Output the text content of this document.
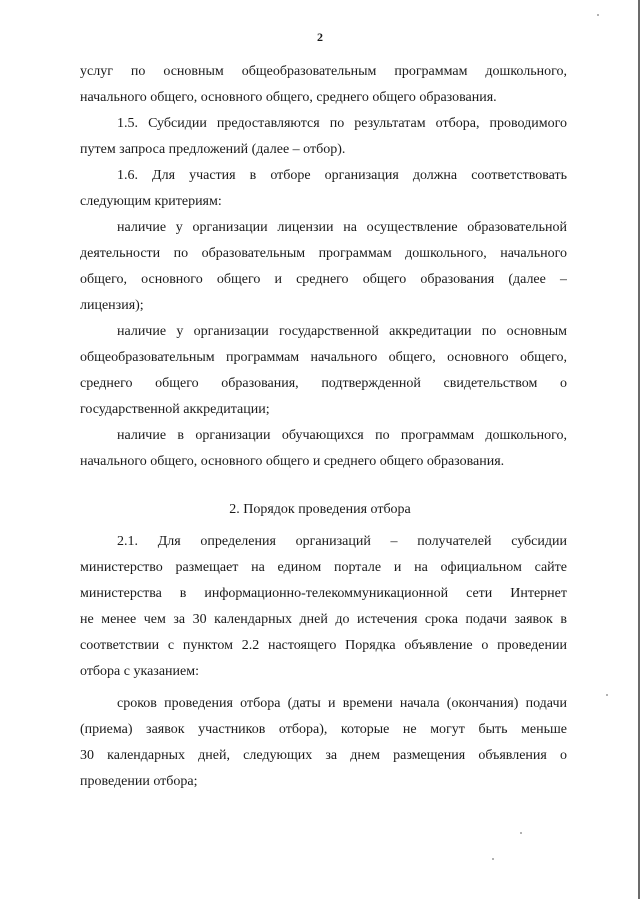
2
услуг по основным общеобразовательным программам дошкольного,
начального общего, основного общего, среднего общего образования.
1.5. Субсидии предоставляются по результатам отбора, проводимого
путем запроса предложений (далее – отбор).
1.6. Для участия в отборе организация должна соответствовать
следующим критериям:
наличие у организации лицензии на осуществление образовательной
деятельности по образовательным программам дошкольного, начального
общего, основного общего и среднего общего образования (далее –
лицензия);
наличие у организации государственной аккредитации по основным
общеобразовательным программам начального общего, основного общего,
среднего общего образования, подтвержденной свидетельством о
государственной аккредитации;
наличие в организации обучающихся по программам дошкольного,
начального общего, основного общего и среднего общего образования.
2. Порядок проведения отбора
2.1. Для определения организаций – получателей субсидии
министерство размещает на едином портале и на официальном сайте
министерства в информационно-телекоммуникационной сети Интернет
не менее чем за 30 календарных дней до истечения срока подачи заявок в
соответствии с пунктом 2.2 настоящего Порядка объявление о проведении
отбора с указанием:
сроков проведения отбора (даты и времени начала (окончания) подачи
(приема) заявок участников отбора), которые не могут быть меньше
30 календарных дней, следующих за днем размещения объявления о
проведении отбора;
